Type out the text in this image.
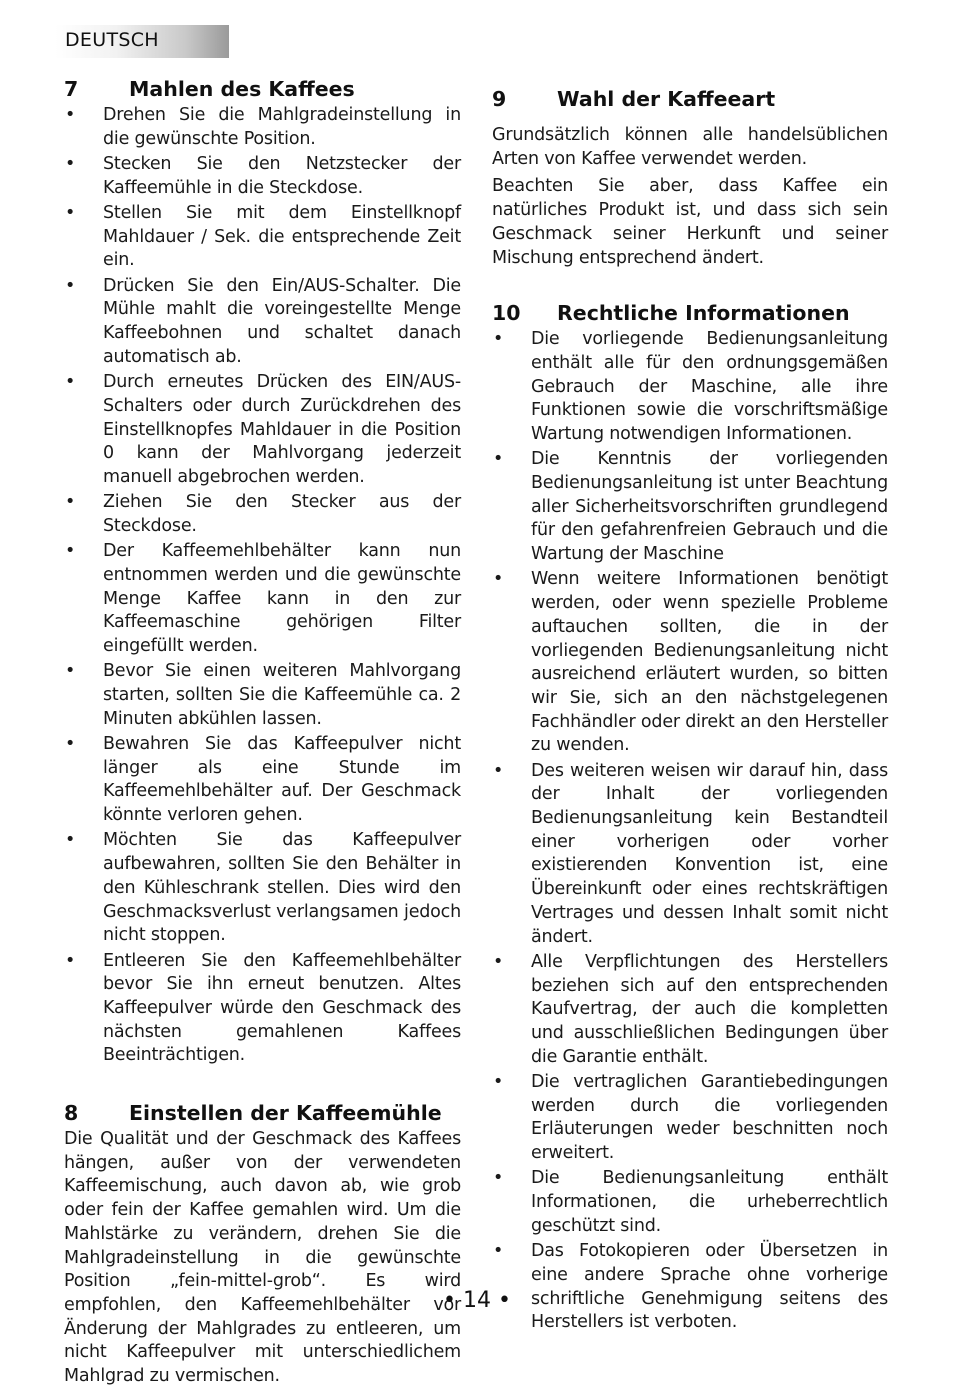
DEUTSCH
7	Mahlen des Kaffees
• Drehen Sie die Mahlgradeinstellung in die gewünschte Position.
• Stecken Sie den Netzstecker der Kaffeemühle in die Steckdose.
• Stellen Sie mit dem Einstellknopf Mahldauer / Sek. die entsprechende Zeit ein.
• Drücken Sie den Ein/AUS-Schalter. Die Mühle mahlt die voreingestellte Menge Kaffeebohnen und schaltet danach automatisch ab.
• Durch erneutes Drücken des EIN/AUS-Schalters oder durch Zurückdrehen des Einstellknopfes Mahldauer in die Position 0 kann der Mahlvorgang jederzeit manuell abgebrochen werden.
• Ziehen Sie den Stecker aus der Steckdose.
• Der Kaffeemehlbehälter kann nun entnommen werden und die gewünschte Menge Kaffee kann in den zur Kaffeemaschine gehörigen Filter eingefüllt werden.
• Bevor Sie einen weiteren Mahlvorgang starten, sollten Sie die Kaffeemühle ca. 2 Minuten abkühlen lassen.
• Bewahren Sie das Kaffeepulver nicht länger als eine Stunde im Kaffeemehlbehälter auf. Der Geschmack könnte verloren gehen.
• Möchten Sie das Kaffeepulver aufbewahren, sollten Sie den Behälter in den Kühleschrank stellen. Dies wird den Geschmacksverlust verlangsamen jedoch nicht stoppen.
• Entleeren Sie den Kaffeemehlbehälter bevor Sie ihn erneut benutzen. Altes Kaffeepulver würde den Geschmack des nächsten gemahlenen Kaffees Beeinträchtigen.
8	Einstellen der Kaffeemühle

Die Qualität und der Geschmack des Kaffees hängen, außer von der verwendeten Kaffeemischung, auch davon ab, wie grob oder fein der Kaffee gemahlen wird. Um die Mahlstärke zu verändern, drehen Sie die Mahlgradeinstellung in die gewünschte Position „fein-mittel-grob“. Es wird empfohlen, den Kaffeemehlbehälter vor Änderung der Mahlgrades zu entleeren, um nicht Kaffeepulver mit unterschiedlichem Mahlgrad zu vermischen.

9	Wahl der Kaffeeart

Grundsätzlich können alle handelsüblichen Arten von Kaffee verwendet werden.

Beachten Sie aber, dass Kaffee ein natürliches Produkt ist, und dass sich sein Geschmack seiner Herkunft und seiner Mischung entsprechend ändert.

10	Rechtliche Informationen
• Die vorliegende Bedienungsanleitung enthält alle für den ordnungsgemäßen Gebrauch der Maschine, alle ihre Funktionen sowie die vorschriftsmäßige Wartung notwendigen Informationen.
• Die Kenntnis der vorliegenden Bedienungsanleitung ist unter Beachtung aller Sicherheitsvorschriften grundlegend für den gefahrenfreien Gebrauch und die Wartung der Maschine
• Wenn weitere Informationen benötigt werden, oder wenn spezielle Probleme auftauchen sollten, die in der vorliegenden Bedienungsanleitung nicht ausreichend erläutert wurden, so bitten wir Sie, sich an den nächstgelegenen Fachhändler oder direkt an den Hersteller zu wenden.
• Des weiteren weisen wir darauf hin, dass der Inhalt der vorliegenden Bedienungsanleitung kein Bestandteil einer vorherigen oder vorher existierenden Konvention ist, eine Übereinkunft oder eines rechtskräftigen Vertrages und dessen Inhalt somit nicht ändert.
• Alle Verpflichtungen des Herstellers beziehen sich auf den entsprechenden Kaufvertrag, der auch die kompletten und ausschließlichen Bedingungen über die Garantie enthält.
• Die vertraglichen Garantiebedingungen werden durch die vorliegenden Erläuterungen weder beschnitten noch erweitert.
• Die Bedienungsanleitung enthält Informationen, die urheberrechtlich geschützt sind.
• Das Fotokopieren oder Übersetzen in eine andere Sprache ohne vorherige schriftliche Genehmigung seitens des Herstellers ist verboten.
• 14 •
